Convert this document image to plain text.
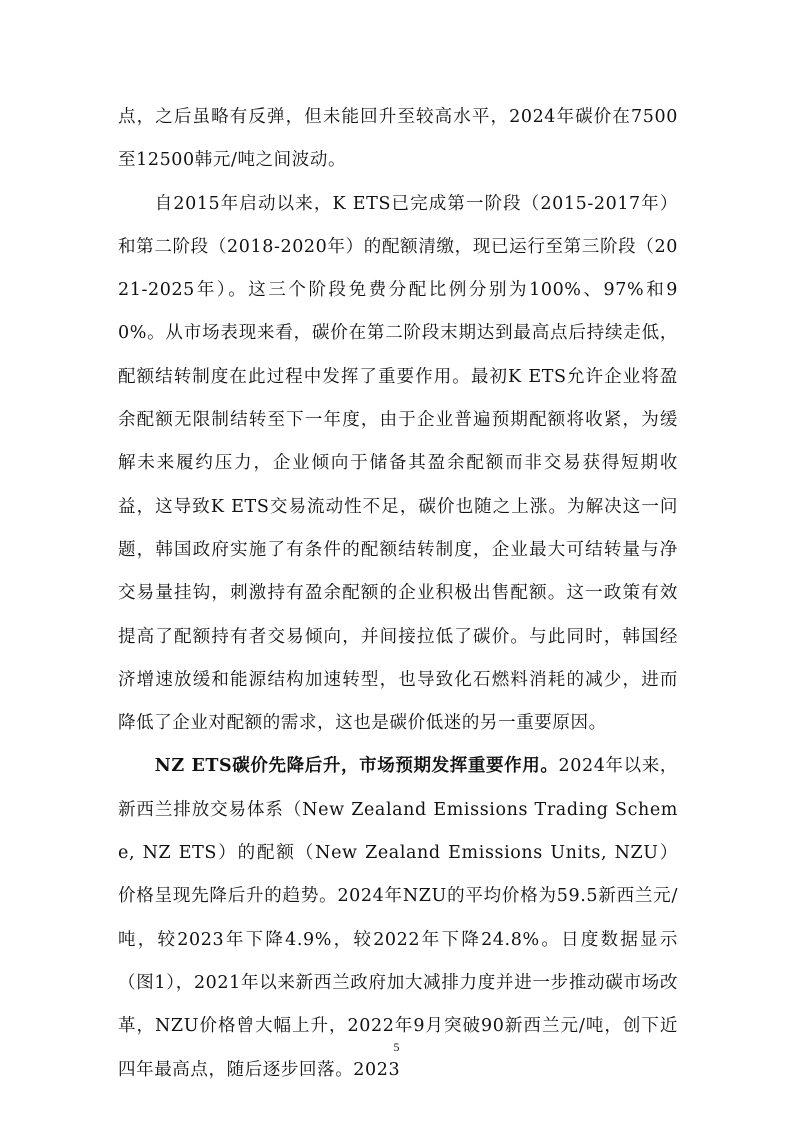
点，之后虽略有反弹，但未能回升至较高水平，2024年碳价在7500至12500韩元/吨之间波动。

自2015年启动以来，K ETS已完成第一阶段（2015-2017年）和第二阶段（2018-2020年）的配额清缴，现已运行至第三阶段（2021-2025年）。这三个阶段免费分配比例分别为100%、97%和90%。从市场表现来看，碳价在第二阶段末期达到最高点后持续走低，配额结转制度在此过程中发挥了重要作用。最初K ETS允许企业将盈余配额无限制结转至下一年度，由于企业普遍预期配额将收紧，为缓解未来履约压力，企业倾向于储备其盈余配额而非交易获得短期收益，这导致K ETS交易流动性不足，碳价也随之上涨。为解决这一问题，韩国政府实施了有条件的配额结转制度，企业最大可结转量与净交易量挂钩，刺激持有盈余配额的企业积极出售配额。这一政策有效提高了配额持有者交易倾向，并间接拉低了碳价。与此同时，韩国经济增速放缓和能源结构加速转型，也导致化石燃料消耗的减少，进而降低了企业对配额的需求，这也是碳价低迷的另一重要原因。

NZ ETS碳价先降后升，市场预期发挥重要作用。2024年以来，新西兰排放交易体系（New Zealand Emissions Trading Scheme, NZ ETS）的配额（New Zealand Emissions Units, NZU）价格呈现先降后升的趋势。2024年NZU的平均价格为59.5新西兰元/吨，较2023年下降4.9%，较2022年下降24.8%。日度数据显示（图1），2021年以来新西兰政府加大减排力度并进一步推动碳市场改革，NZU价格曾大幅上升，2022年9月突破90新西兰元/吨，创下近四年最高点，随后逐步回落。2023

5
